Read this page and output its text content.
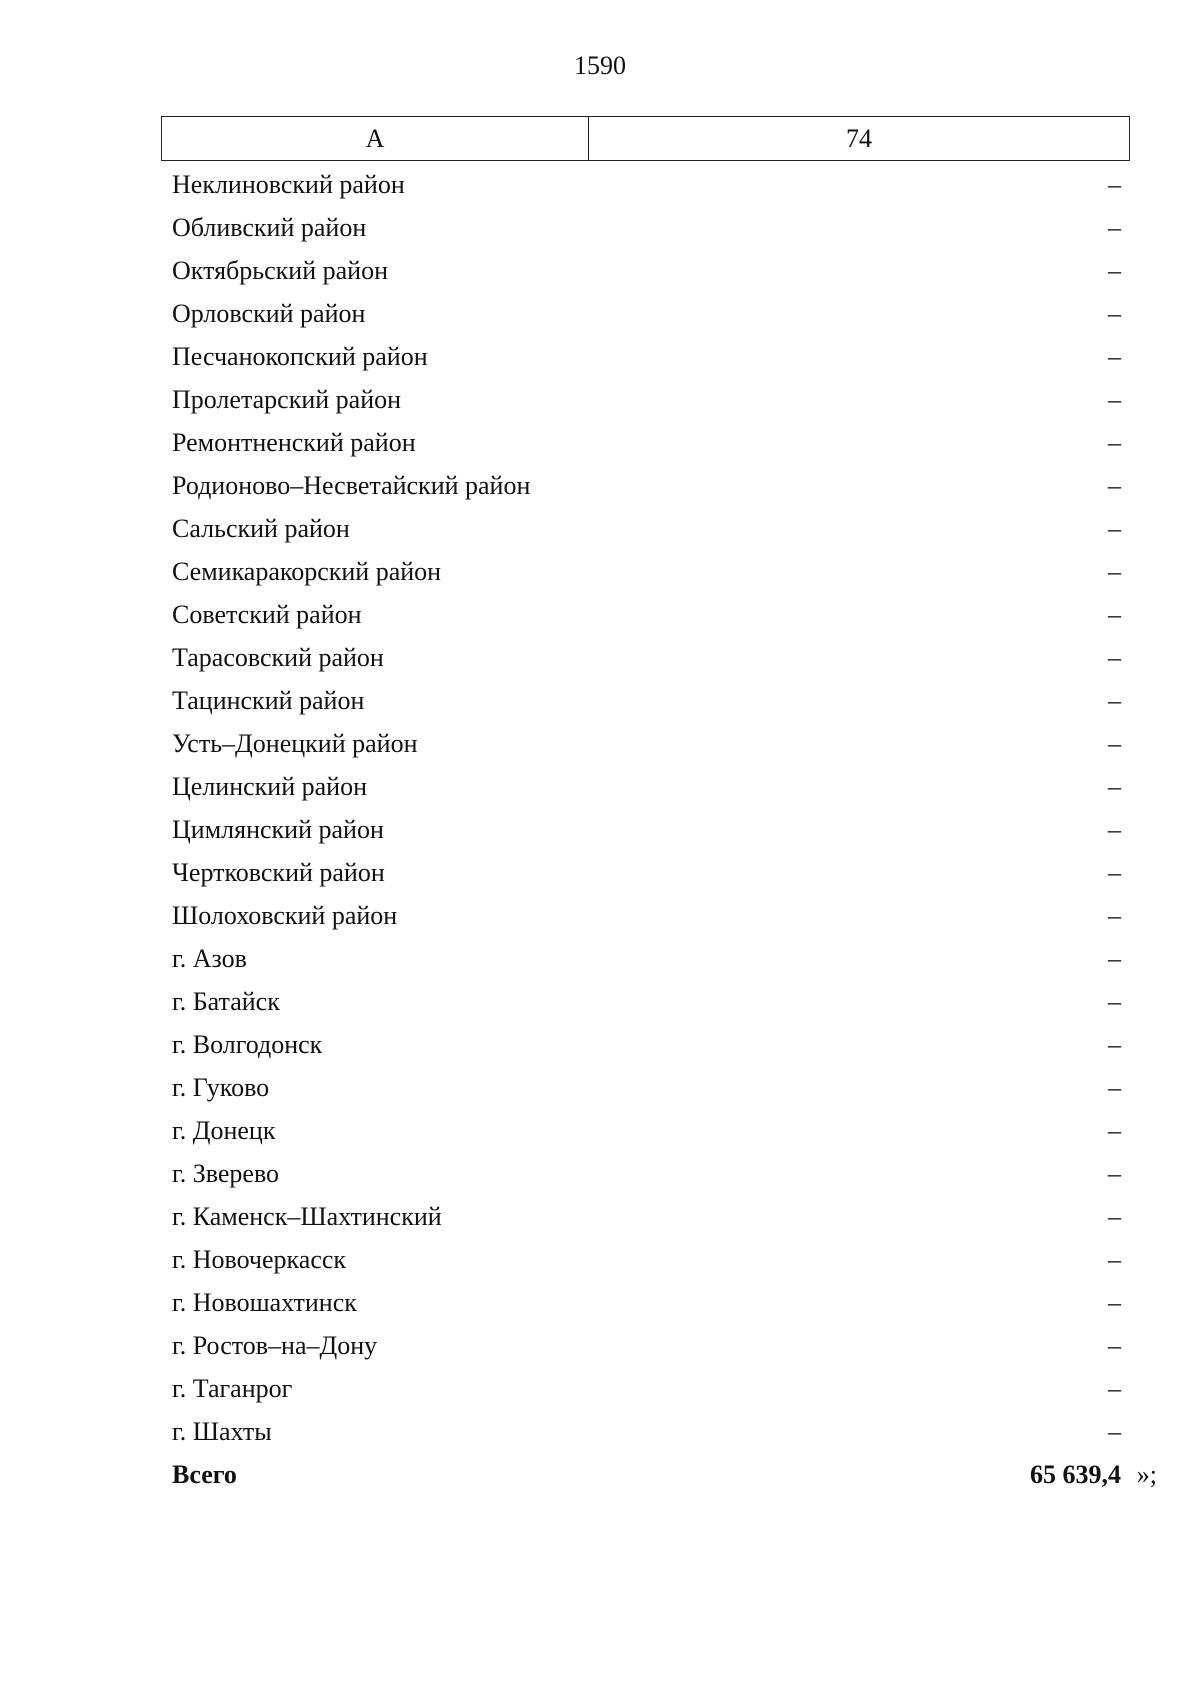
1590
А	74
Неклиновский район	–
Обливский район	–
Октябрьский район	–
Орловский район	–
Песчанокопский район	–
Пролетарский район	–
Ремонтненский район	–
Родионово–Несветайский район	–
Сальский район	–
Семикаракорский район	–
Советский район	–
Тарасовский район	–
Тацинский район	–
Усть–Донецкий район	–
Целинский район	–
Цимлянский район	–
Чертковский район	–
Шолоховский район	–
г. Азов	–
г. Батайск	–
г. Волгодонск	–
г. Гуково	–
г. Донецк	–
г. Зверево	–
г. Каменск–Шахтинский	–
г. Новочеркасск	–
г. Новошахтинск	–
г. Ростов–на–Дону	–
г. Таганрог	–
г. Шахты	–
Всего	65 639,4 »;
